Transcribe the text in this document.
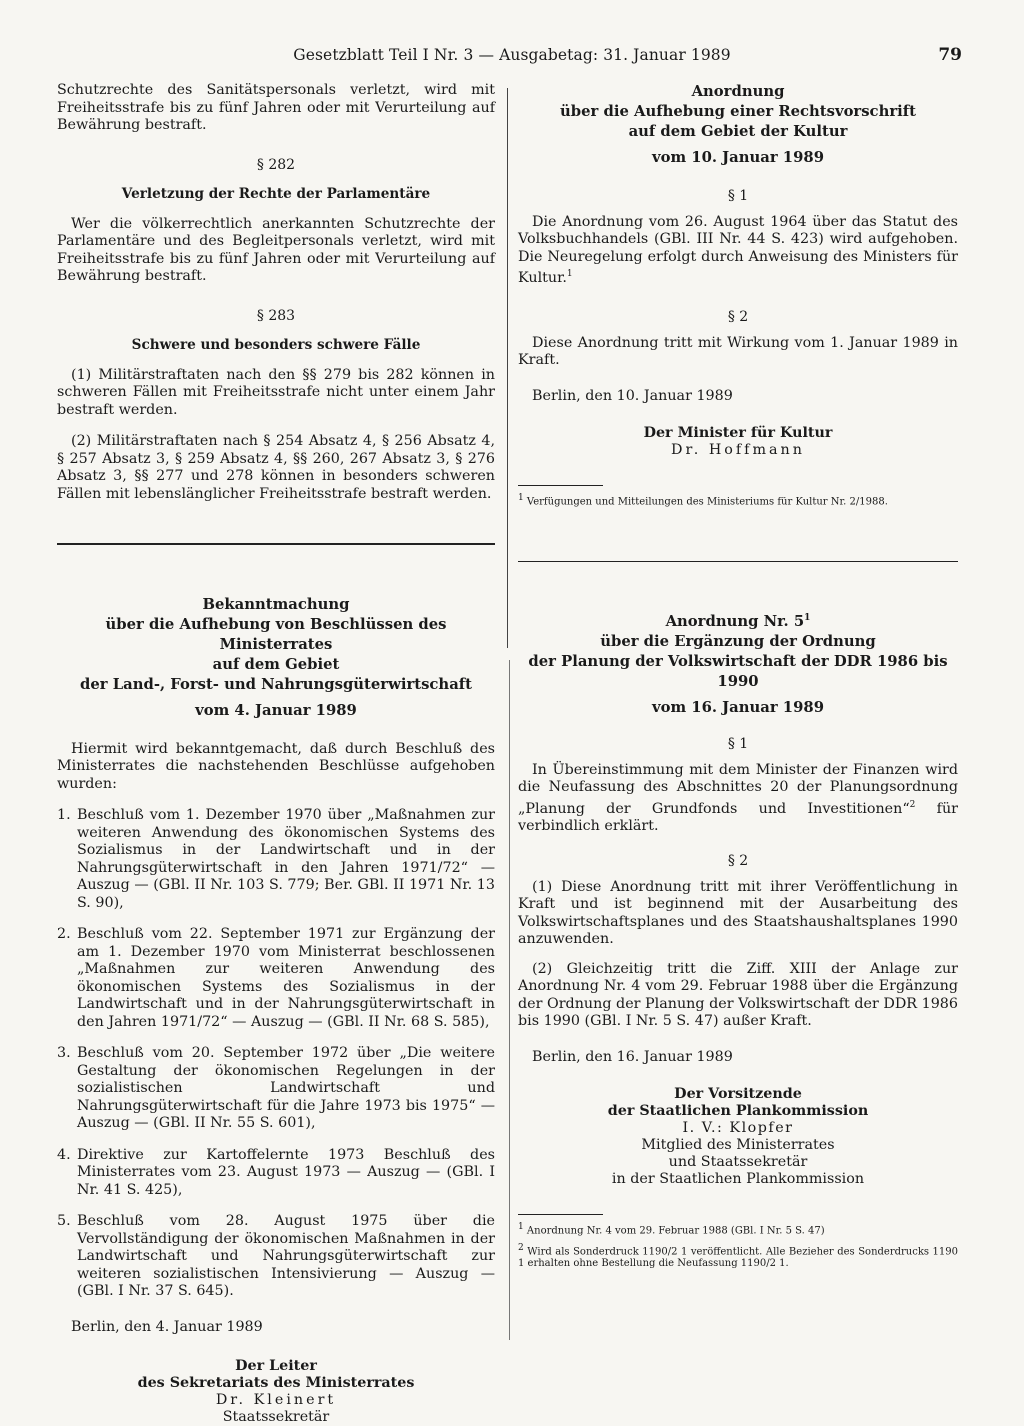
Gesetzblatt Teil I Nr. 3 — Ausgabetag: 31. Januar 1989	79

Schutzrechte des Sanitätspersonals verletzt, wird mit Freiheitsstrafe bis zu fünf Jahren oder mit Verurteilung auf Bewährung bestraft.

§ 282
Verletzung der Rechte der Parlamentäre

Wer die völkerrechtlich anerkannten Schutzrechte der Parlamentäre und des Begleitpersonals verletzt, wird mit Freiheitsstrafe bis zu fünf Jahren oder mit Verurteilung auf Bewährung bestraft.

§ 283
Schwere und besonders schwere Fälle

(1) Militärstraftaten nach den §§ 279 bis 282 können in schweren Fällen mit Freiheitsstrafe nicht unter einem Jahr bestraft werden.

(2) Militärstraftaten nach § 254 Absatz 4, § 256 Absatz 4, § 257 Absatz 3, § 259 Absatz 4, §§ 260, 267 Absatz 3, § 276 Absatz 3, §§ 277 und 278 können in besonders schweren Fällen mit lebenslänglicher Freiheitsstrafe bestraft werden.

Bekanntmachung
über die Aufhebung von Beschlüssen des Ministerrates
auf dem Gebiet
der Land-, Forst- und Nahrungsgüterwirtschaft
vom 4. Januar 1989

Hiermit wird bekanntgemacht, daß durch Beschluß des Ministerrates die nachstehenden Beschlüsse aufgehoben wurden:

1. Beschluß vom 1. Dezember 1970 über „Maßnahmen zur weiteren Anwendung des ökonomischen Systems des Sozialismus in der Landwirtschaft und in der Nahrungsgüterwirtschaft in den Jahren 1971/72“ — Auszug — (GBl. II Nr. 103 S. 779; Ber. GBl. II 1971 Nr. 13 S. 90),
2. Beschluß vom 22. September 1971 zur Ergänzung der am 1. Dezember 1970 vom Ministerrat beschlossenen „Maßnahmen zur weiteren Anwendung des ökonomischen Systems des Sozialismus in der Landwirtschaft und in der Nahrungsgüterwirtschaft in den Jahren 1971/72“ — Auszug — (GBl. II Nr. 68 S. 585),
3. Beschluß vom 20. September 1972 über „Die weitere Gestaltung der ökonomischen Regelungen in der sozialistischen Landwirtschaft und Nahrungsgüterwirtschaft für die Jahre 1973 bis 1975“ — Auszug — (GBl. II Nr. 55 S. 601),
4. Direktive zur Kartoffelernte 1973 Beschluß des Ministerrates vom 23. August 1973 — Auszug — (GBl. I Nr. 41 S. 425),
5. Beschluß vom 28. August 1975 über die Vervollständigung der ökonomischen Maßnahmen in der Landwirtschaft und Nahrungsgüterwirtschaft zur weiteren sozialistischen Intensivierung — Auszug — (GBl. I Nr. 37 S. 645).

Berlin, den 4. Januar 1989

Der Leiter
des Sekretariats des Ministerrates
Dr. Kleinert
Staatssekretär
Anordnung
über die Aufhebung einer Rechtsvorschrift
auf dem Gebiet der Kultur
vom 10. Januar 1989
§ 1

Die Anordnung vom 26. August 1964 über das Statut des Volksbuchhandels (GBl. III Nr. 44 S. 423) wird aufgehoben. Die Neuregelung erfolgt durch Anweisung des Ministers für Kultur.$^1$

§ 2

Diese Anordnung tritt mit Wirkung vom 1. Januar 1989 in Kraft.

Berlin, den 10. Januar 1989

Der Minister für Kultur
Dr. Hoffmann

1 Verfügungen und Mitteilungen des Ministeriums für Kultur Nr. 2/1988.

Anordnung Nr. $5^1$
über die Ergänzung der Ordnung
der Planung der Volkswirtschaft der DDR 1986 bis 1990
vom 16. Januar 1989
§ 1

In Übereinstimmung mit dem Minister der Finanzen wird die Neufassung des Abschnittes 20 der Planungsordnung „Planung der Grundfonds und Investitionen“$^2$ für verbindlich erklärt.

§ 2

(1) Diese Anordnung tritt mit ihrer Veröffentlichung in Kraft und ist beginnend mit der Ausarbeitung des Volkswirtschaftsplanes und des Staatshaushaltsplanes 1990 anzuwenden.

(2) Gleichzeitig tritt die Ziff. XIII der Anlage zur Anordnung Nr. 4 vom 29. Februar 1988 über die Ergänzung der Ordnung der Planung der Volkswirtschaft der DDR 1986 bis 1990 (GBl. I Nr. 5 S. 47) außer Kraft.

Berlin, den 16. Januar 1989

Der Vorsitzende
der Staatlichen Plankommission
I. V.: Klopfer
Mitglied des Ministerrates
und Staatssekretär
in der Staatlichen Plankommission

1 Anordnung Nr. 4 vom 29. Februar 1988 (GBl. I Nr. 5 S. 47)

2 Wird als Sonderdruck 1190/2 1 veröffentlicht. Alle Bezieher des Sonderdrucks 1190 1 erhalten ohne Bestellung die Neufassung 1190/2 1.
